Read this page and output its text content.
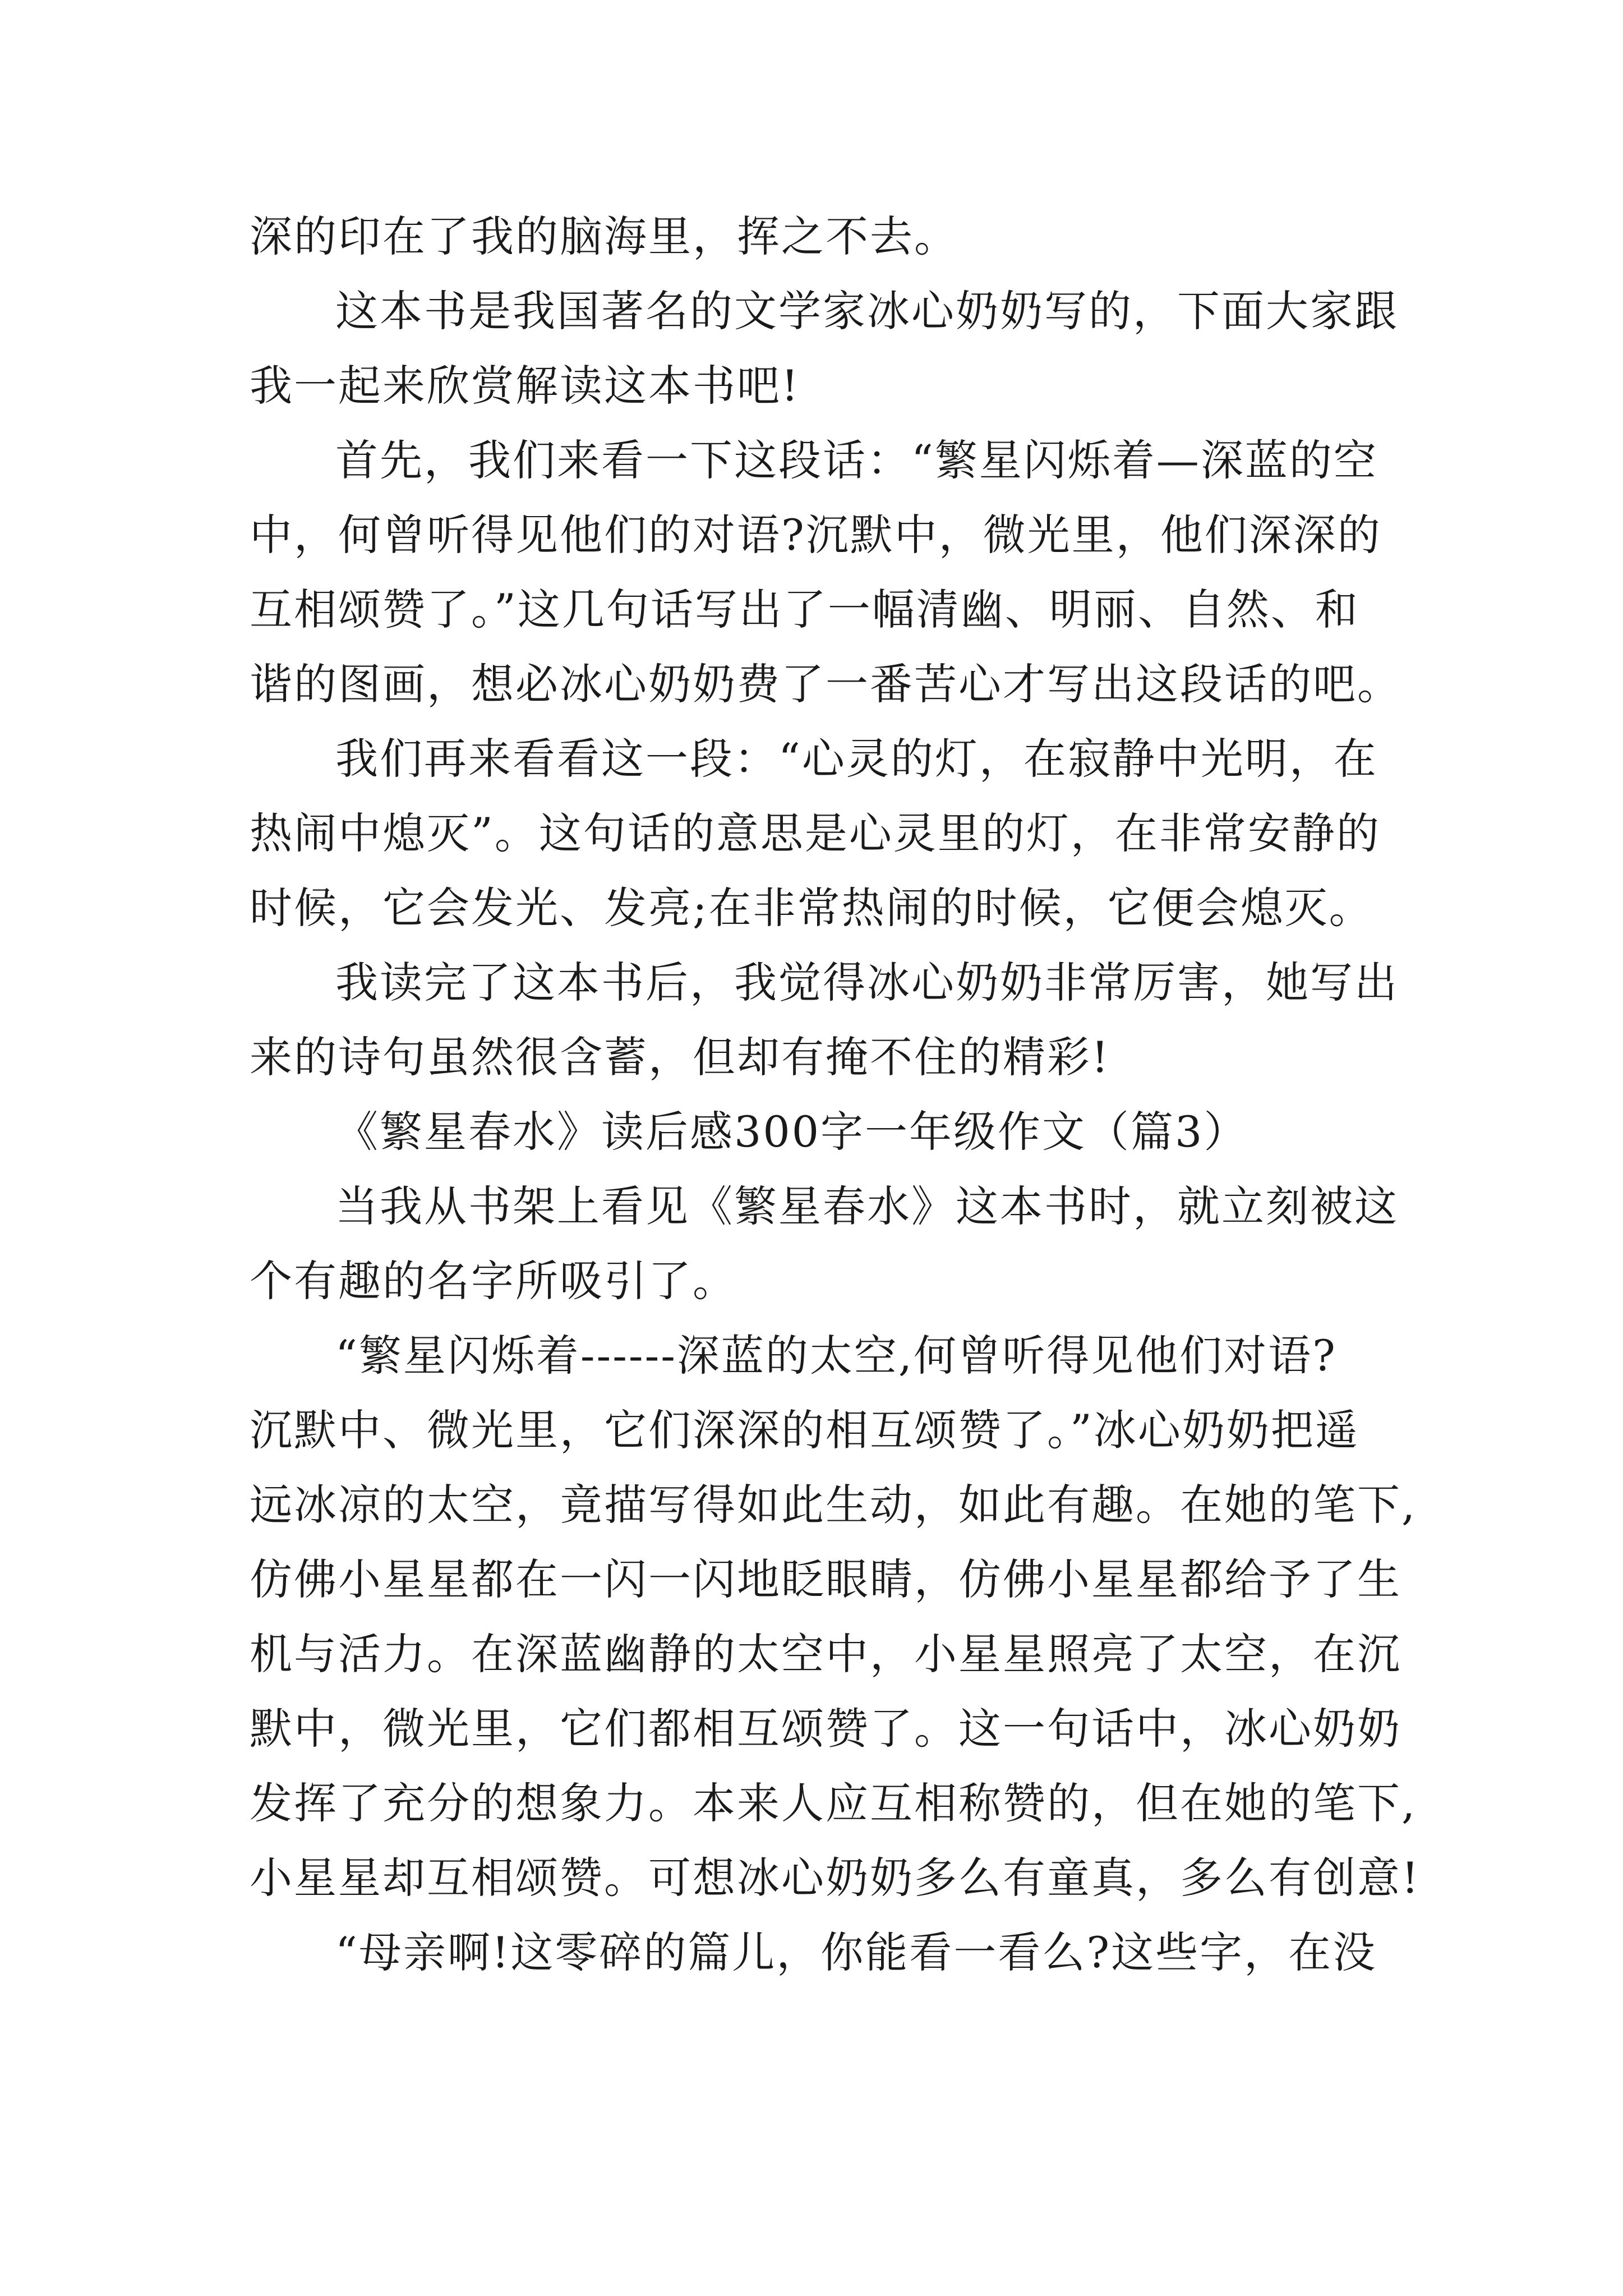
深的印在了我的脑海里，挥之不去。
这本书是我国著名的文学家冰心奶奶写的，下面大家跟
我一起来欣赏解读这本书吧!
首先，我们来看一下这段话：“繁星闪烁着—深蓝的空
中，何曾听得见他们的对语?沉默中，微光里，他们深深的
互相颂赞了。”这几句话写出了一幅清幽、明丽、自然、和
谐的图画，想必冰心奶奶费了一番苦心才写出这段话的吧。
我们再来看看这一段：“心灵的灯，在寂静中光明，在
热闹中熄灭”。这句话的意思是心灵里的灯，在非常安静的
时候，它会发光、发亮;在非常热闹的时候，它便会熄灭。
我读完了这本书后，我觉得冰心奶奶非常厉害，她写出
来的诗句虽然很含蓄，但却有掩不住的精彩!
《繁星春水》读后感300字一年级作文（篇3）
当我从书架上看见《繁星春水》这本书时，就立刻被这
个有趣的名字所吸引了。
“繁星闪烁着------深蓝的太空,何曾听得见他们对语?
沉默中、微光里，它们深深的相互颂赞了。”冰心奶奶把遥
远冰凉的太空，竟描写得如此生动，如此有趣。在她的笔下,
仿佛小星星都在一闪一闪地眨眼睛，仿佛小星星都给予了生
机与活力。在深蓝幽静的太空中，小星星照亮了太空，在沉
默中，微光里，它们都相互颂赞了。这一句话中，冰心奶奶
发挥了充分的想象力。本来人应互相称赞的，但在她的笔下,
小星星却互相颂赞。可想冰心奶奶多么有童真，多么有创意!
“母亲啊!这零碎的篇儿，你能看一看么?这些字，在没
